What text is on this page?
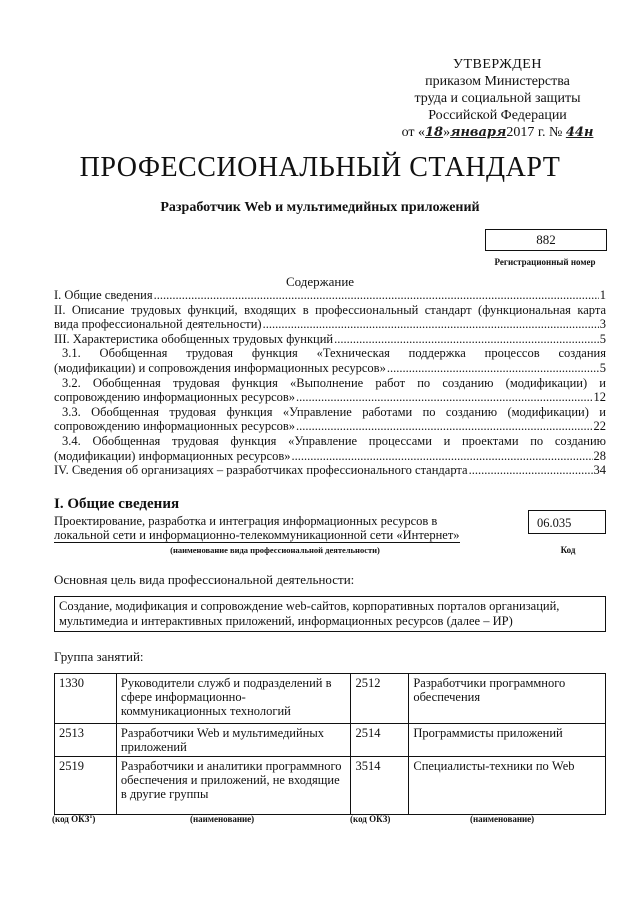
УТВЕРЖДЕН
приказом Министерства
труда и социальной защиты
Российской Федерации
от «18»января2017 г. № 44н
ПРОФЕССИОНАЛЬНЫЙ СТАНДАРТ
Разработчик Web и мультимедийных приложений
882
Регистрационный номер
Содержание
I. Общие сведения .....	1
II. Описание трудовых функций, входящих в профессиональный стандарт (функциональная карта
вида профессиональной деятельности) .....	3
III. Характеристика обобщенных трудовых функций .....	5
3.1. Обобщенная трудовая функция «Техническая поддержка процессов создания
(модификации) и сопровождения информационных ресурсов» .....	5
3.2. Обобщенная трудовая функция «Выполнение работ по созданию (модификации) и
сопровождению информационных ресурсов» .....	12
3.3. Обобщенная трудовая функция «Управление работами по созданию (модификации) и
сопровождению информационных ресурсов» .....	22
3.4. Обобщенная трудовая функция «Управление процессами и проектами по созданию
(модификации) информационных ресурсов» .....	28
IV. Сведения об организациях – разработчиках профессионального стандарта .....	34
I. Общие сведения
Проектирование, разработка и интеграция информационных ресурсов в
локальной сети и информационно-телекоммуникационной сети «Интернет»
06.035
(наименование вида профессиональной деятельности)	Код
Основная цель вида профессиональной деятельности:
Создание, модификация и сопровождение web-сайтов, корпоративных порталов организаций,
мультимедиа и интерактивных приложений, информационных ресурсов (далее – ИР)
Группа занятий:
1330	Руководители служб и подразделений в сфере информационно-коммуникационных технологий	2512	Разработчики программного обеспечения
2513	Разработчики Web и мультимедийных приложений	2514	Программисты приложений
2519	Разработчики и аналитики программного обеспечения и приложений, не входящие в другие группы	3514	Специалисты-техники по Web
(код ОКЗ$^1$)	(наименование)	(код ОКЗ)	(наименование)
